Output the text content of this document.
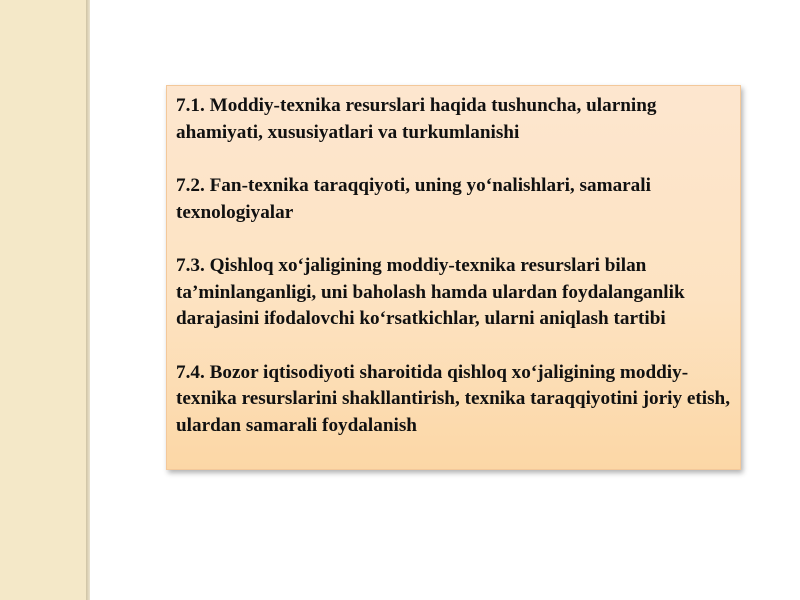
7.1. Moddiy-texnika resurslari haqida tushuncha, ularning ahamiyati, xususiyatlari va turkumlanishi

7.2. Fan-texnika taraqqiyoti, uning yo‘nalishlari, samarali texnologiyalar

7.3. Qishloq xo‘jaligining moddiy-texnika resurslari bilan ta’minlanganligi, uni baholash hamda ulardan foydalanganlik darajasini ifodalovchi ko‘rsatkichlar, ularni aniqlash tartibi

7.4. Bozor iqtisodiyoti sharoitida qishloq xo‘jaligining moddiy-texnika resurslarini shakllantirish, texnika taraqqiyotini joriy etish, ulardan samarali foydalanish
